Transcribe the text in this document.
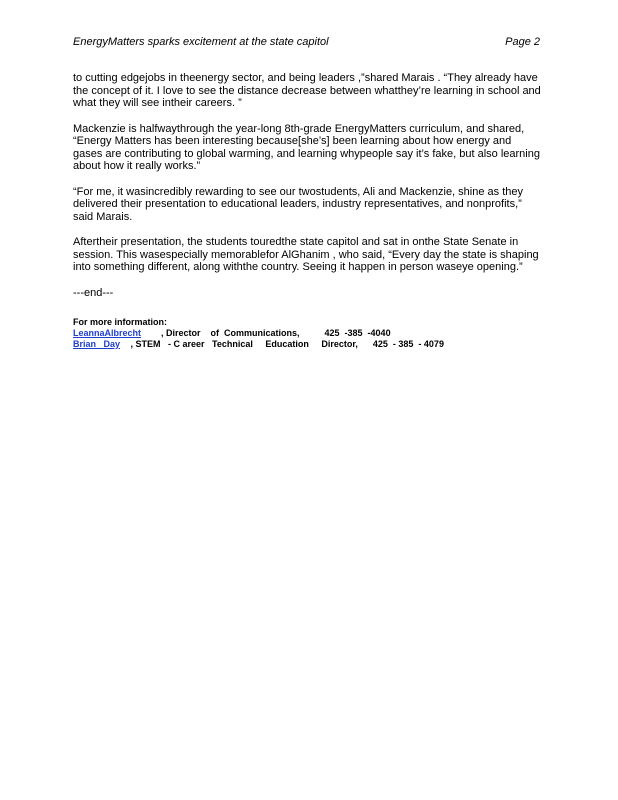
EnergyMatters sparks excitement at the state capitol	Page 2

to cutting edgejobs in theenergy sector, and being leaders ,”shared Marais . “They already have the concept of it. I love to see the distance decrease between whatthey’re learning in school and what they will see intheir careers. ”

Mackenzie is halfwaythrough the year-long 8th-grade EnergyMatters curriculum, and shared, “Energy Matters has been interesting because[she’s] been learning about how energy and gases are contributing to global warming, and learning whypeople say it’s fake, but also learning about how it really works.”

“For me, it wasincredibly rewarding to see our twostudents, Ali and Mackenzie, shine as they delivered their presentation to educational leaders, industry representatives, and nonprofits,” said Marais.

Aftertheir presentation, the students touredthe state capitol and sat in onthe State Senate in session. This wasespecially memorablefor AlGhanim , who said, “Every day the state is shaping into something different, along withthe country. Seeing it happen in person waseye opening.”

---end---
For more information:
LeannaAlbrecht	, Director    of  Communications,          425  -385  -4040
Brian   Day , STEM   - C areer   Technical     Education     Director,      425  - 385  - 4079
